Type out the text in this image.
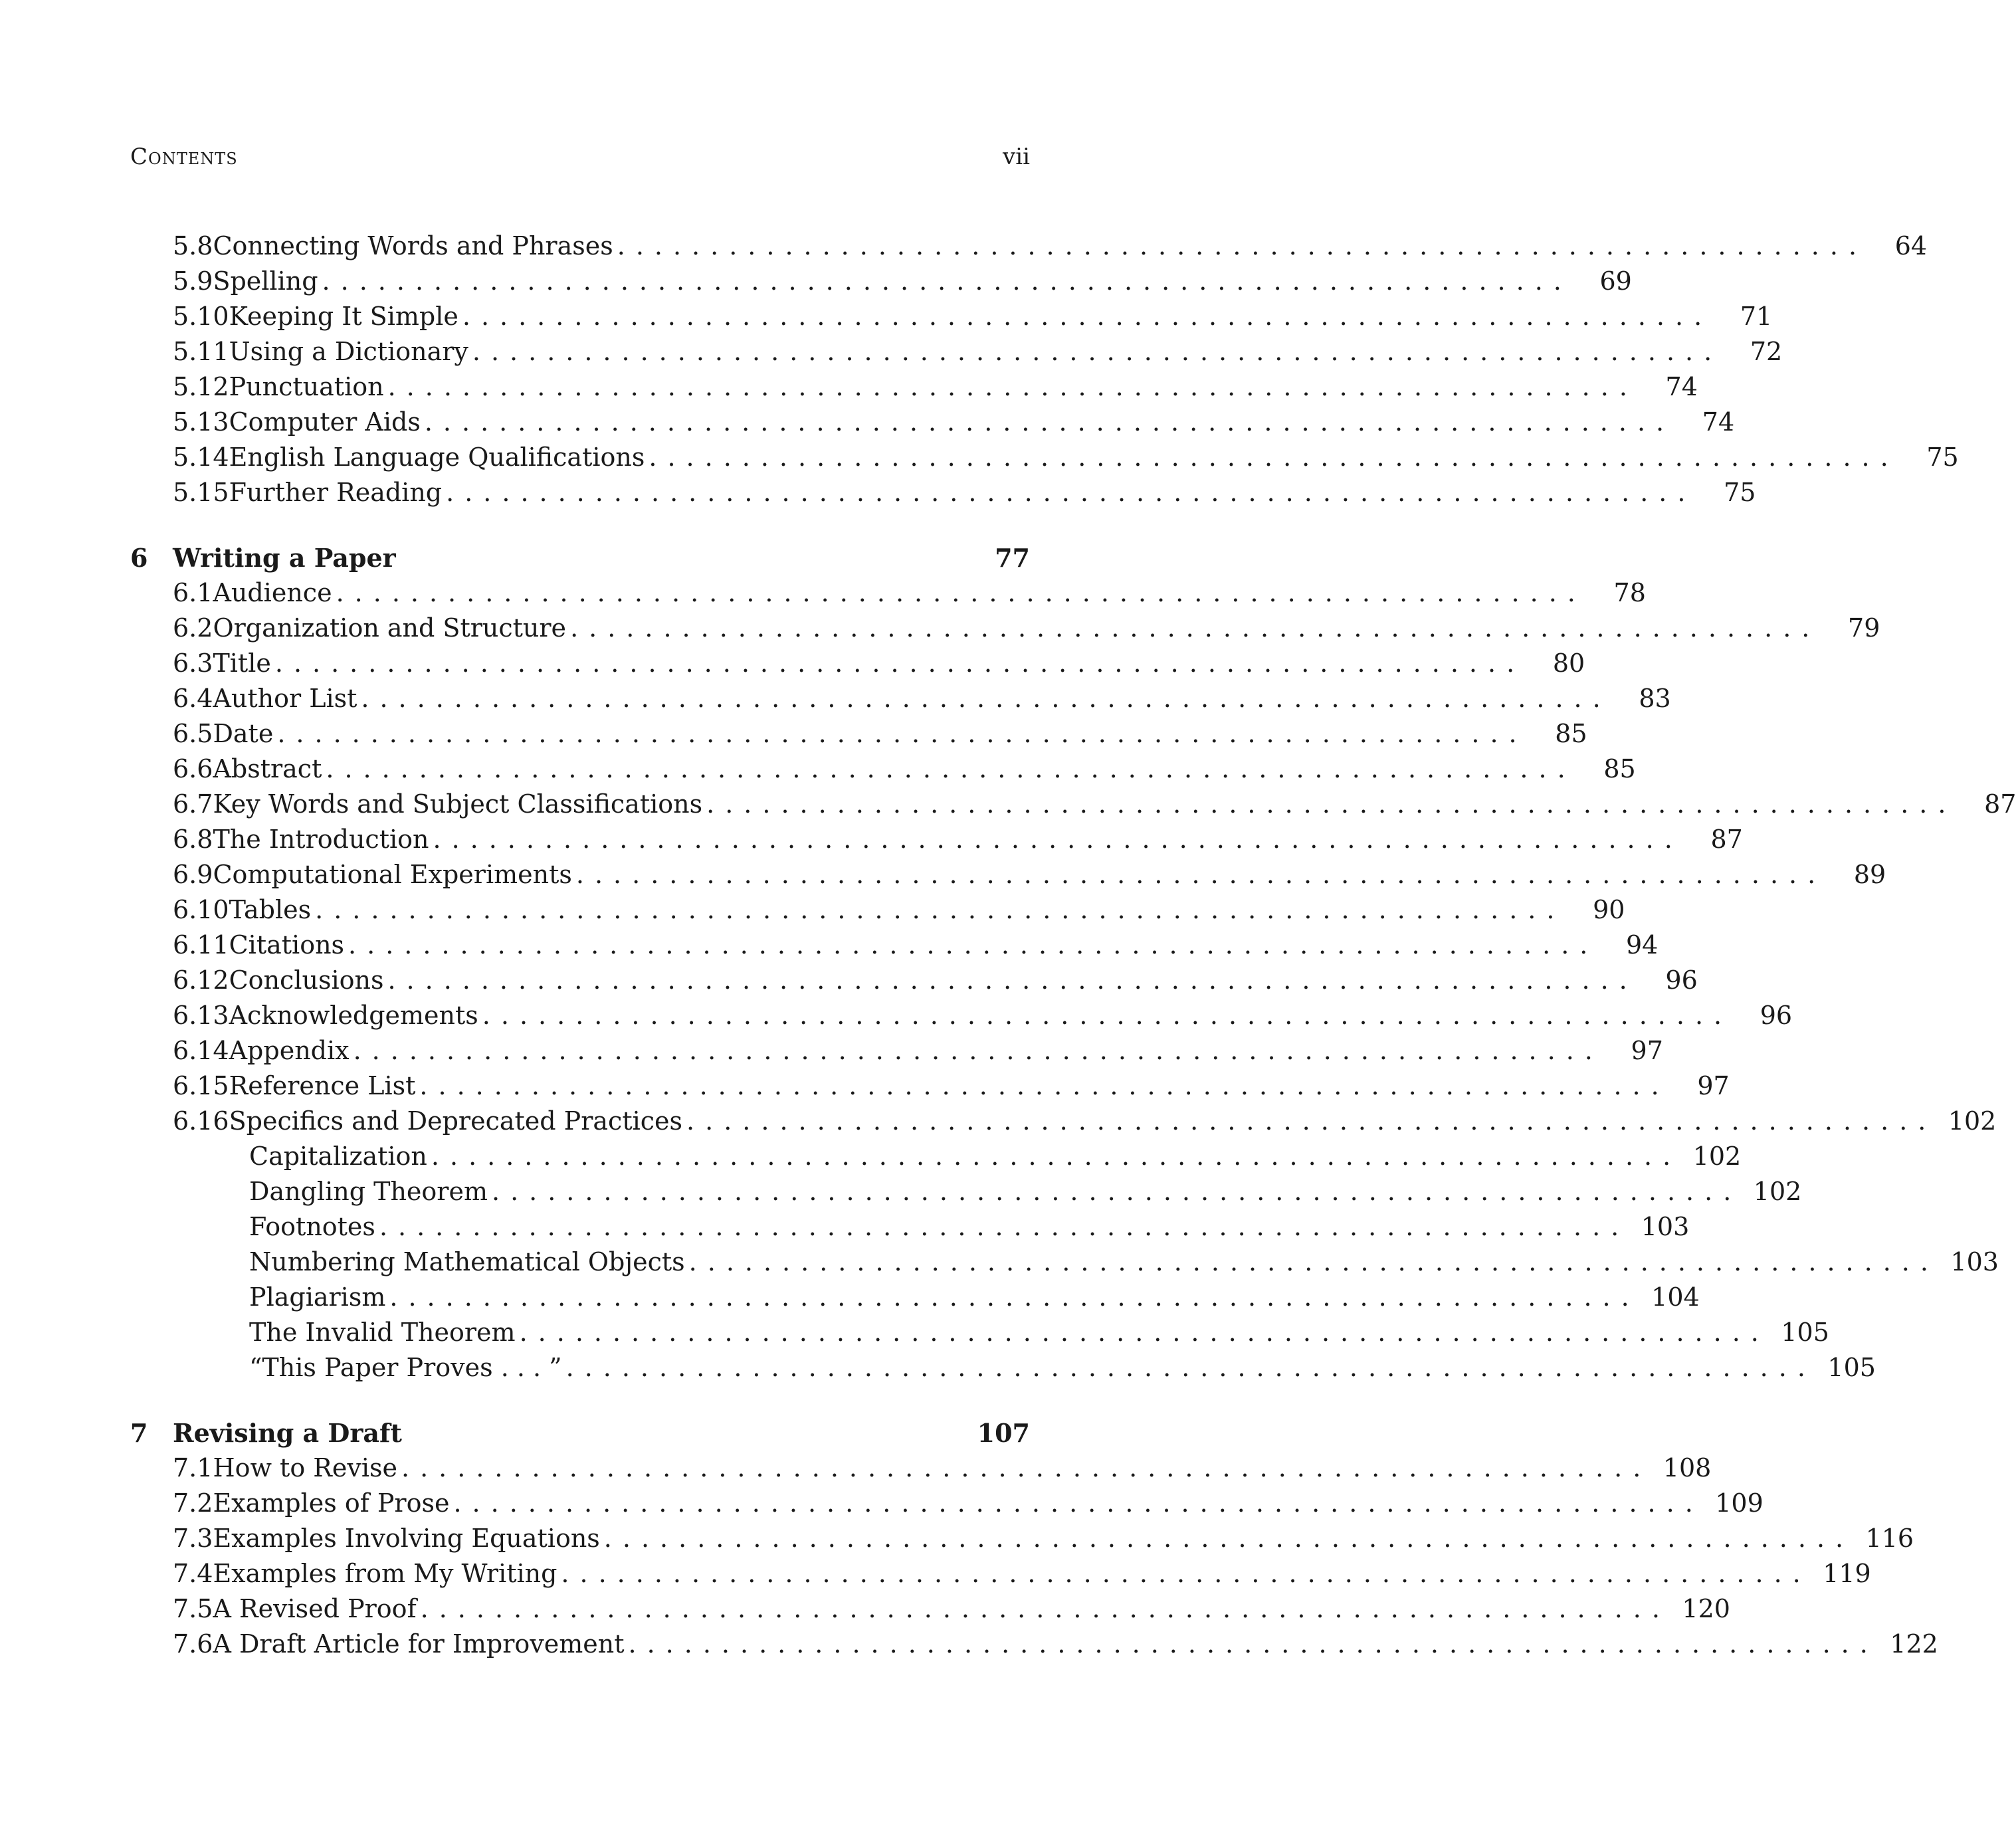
Contents	vii
5.8 Connecting Words and Phrases ...................................................................	64
5.9 Spelling ...................................................................	69
5.10 Keeping It Simple ...................................................................	71
5.11 Using a Dictionary ...................................................................	72
5.12 Punctuation ...................................................................	74
5.13 Computer Aids ...................................................................	74
5.14 English Language Qualifications ...................................................................	75
5.15 Further Reading ...................................................................	75
6 Writing a Paper	77
6.1 Audience ...................................................................	78
6.2 Organization and Structure ...................................................................	79
6.3 Title ...................................................................	80
6.4 Author List ...................................................................	83
6.5 Date ...................................................................	85
6.6 Abstract ...................................................................	85
6.7 Key Words and Subject Classifications ...................................................................	87
6.8 The Introduction ...................................................................	87
6.9 Computational Experiments ...................................................................	89
6.10 Tables ...................................................................	90
6.11 Citations ...................................................................	94
6.12 Conclusions ...................................................................	96
6.13 Acknowledgements ...................................................................	96
6.14 Appendix ...................................................................	97
6.15 Reference List ...................................................................	97
6.16 Specifics and Deprecated Practices ................................................................... 102
Capitalization ................................................................... 102
Dangling Theorem ................................................................... 102
Footnotes ................................................................... 103
Numbering Mathematical Objects ................................................................... 103
Plagiarism ................................................................... 104
The Invalid Theorem ................................................................... 105
“This Paper Proves . . . ” ................................................................... 105
7 Revising a Draft	107
7.1 How to Revise ................................................................... 108
7.2 Examples of Prose ................................................................... 109
7.3 Examples Involving Equations ................................................................... 116
7.4 Examples from My Writing ................................................................... 119
7.5 A Revised Proof ................................................................... 120
7.6 A Draft Article for Improvement ................................................................... 122
